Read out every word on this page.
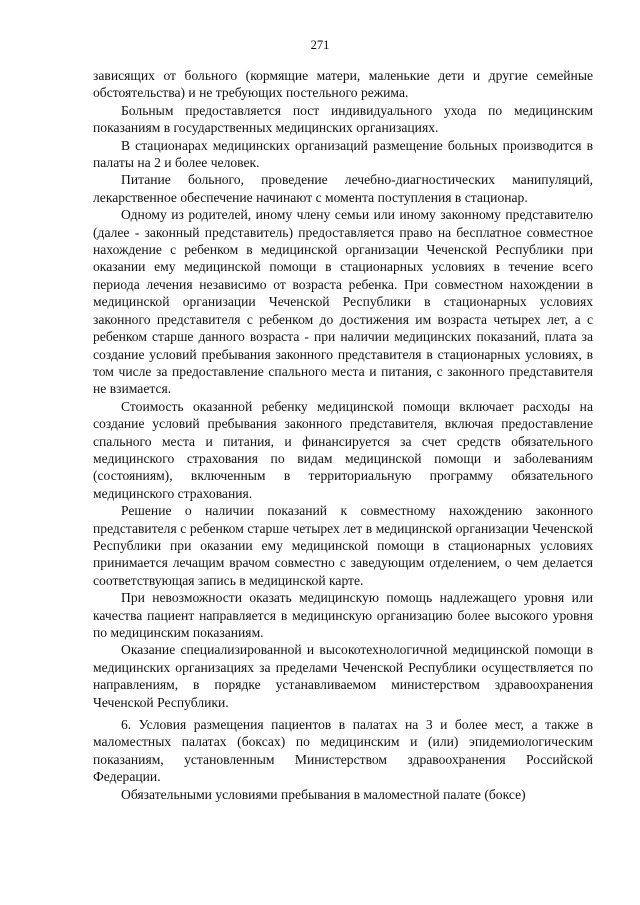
271

зависящих от больного (кормящие матери, маленькие дети и другие семейные обстоятельства) и не требующих постельного режима.

Больным предоставляется пост индивидуального ухода по медицинским показаниям в государственных медицинских организациях.

В стационарах медицинских организаций размещение больных производится в палаты на 2 и более человек.

Питание больного, проведение лечебно-диагностических манипуляций, лекарственное обеспечение начинают с момента поступления в стационар.

Одному из родителей, иному члену семьи или иному законному представителю (далее - законный представитель) предоставляется право на бесплатное совместное нахождение с ребенком в медицинской организации Чеченской Республики при оказании ему медицинской помощи в стационарных условиях в течение всего периода лечения независимо от возраста ребенка. При совместном нахождении в медицинской организации Чеченской Республики в стационарных условиях законного представителя с ребенком до достижения им возраста четырех лет, а с ребенком старше данного возраста - при наличии медицинских показаний, плата за создание условий пребывания законного представителя в стационарных условиях, в том числе за предоставление спального места и питания, с законного представителя не взимается.

Стоимость оказанной ребенку медицинской помощи включает расходы на создание условий пребывания законного представителя, включая предоставление спального места и питания, и финансируется за счет средств обязательного медицинского страхования по видам медицинской помощи и заболеваниям (состояниям), включенным в территориальную программу обязательного медицинского страхования.

Решение о наличии показаний к совместному нахождению законного представителя с ребенком старше четырех лет в медицинской организации Чеченской Республики при оказании ему медицинской помощи в стационарных условиях принимается лечащим врачом совместно с заведующим отделением, о чем делается соответствующая запись в медицинской карте.

При невозможности оказать медицинскую помощь надлежащего уровня или качества пациент направляется в медицинскую организацию более высокого уровня по медицинским показаниям.

Оказание специализированной и высокотехнологичной медицинской помощи в медицинских организациях за пределами Чеченской Республики осуществляется по направлениям, в порядке устанавливаемом министерством здравоохранения Чеченской Республики.

6. Условия размещения пациентов в палатах на 3 и более мест, а также в маломестных палатах (боксах) по медицинским и (или) эпидемиологическим показаниям, установленным Министерством здравоохранения Российской Федерации.

Обязательными условиями пребывания в маломестной палате (боксе)
